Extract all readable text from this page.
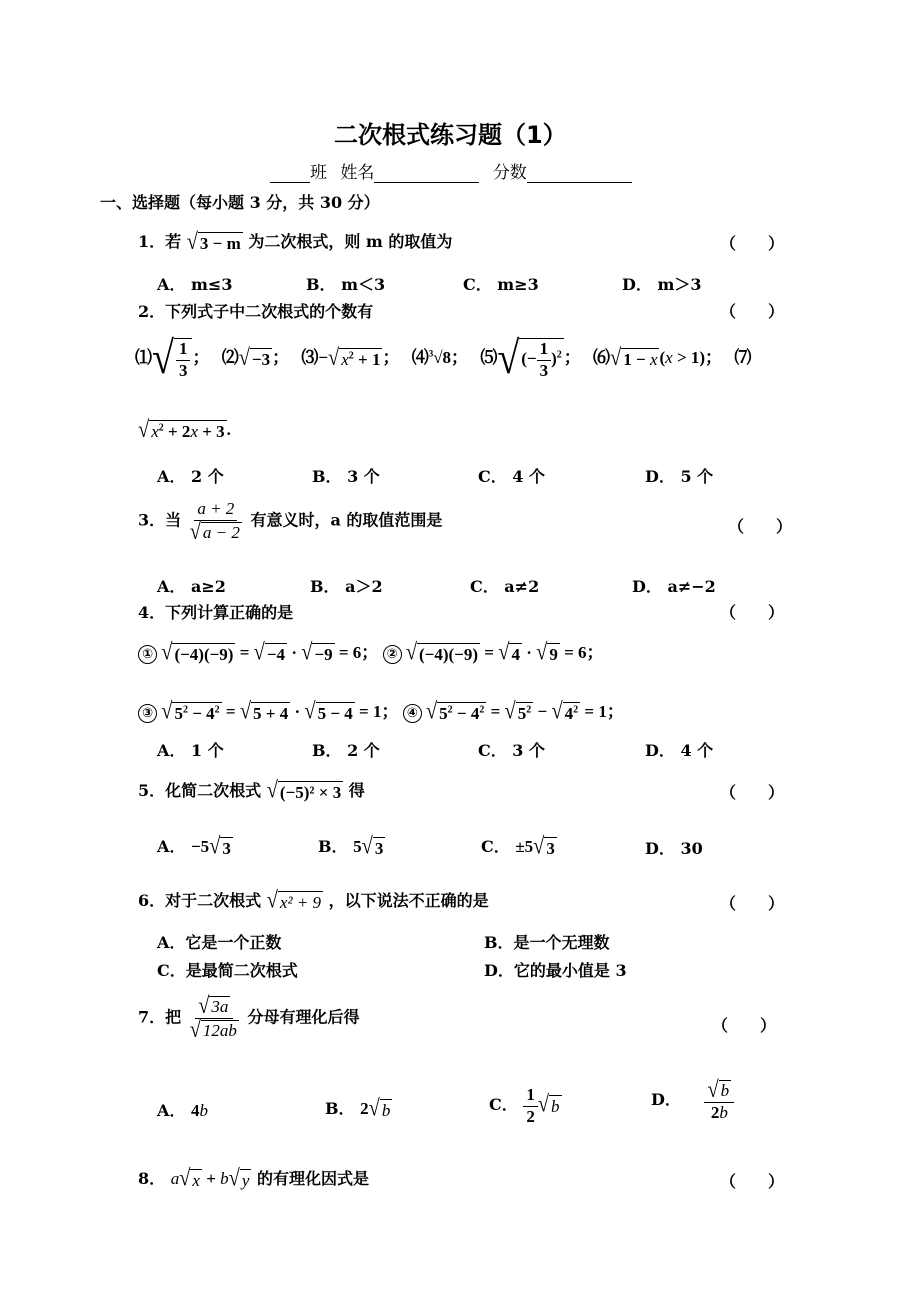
二次根式练习题（1）
班 姓名	分数
一、选择题（每小题 3 分，共 30 分）
1．若 √ 3 − m 为二次根式，则 m 的取值为	（　　）
A． m≤3	B． m＜3	C． m≥3	D． m＞3
2．下列式子中二次根式的个数有	（　　）
⑴ √ $\frac{1}{3}$ ； ⑵ √ −3 ； ⑶− √ $x^2 + 1$ ； ⑷$^3$√8； ⑸ √ (− $\frac{1}{3} )^2$ ； ⑹ √ 1 − x (x > 1)； ⑺
√ $x^2 + 2x + 3$ .
A． 2 个	B． 3 个	C． 4 个	D． 5 个
3．当 $\frac{a + 2}{√ a - 2}$ 有意义时，a 的取值范围是	（　　）
A． a≥2	B． a＞2	C． a≠2	D． a≠−2
4．下列计算正确的是	（　　）
① √ (−4)(−9) = √ −4 · √ −9 = 6； ② √ (−4)(−9) = √ 4 · √ 9 = 6；
③ √ $5^2 - 4^2$ = √ 5 + 4 · √ 5 − 4 = 1； ④ √ $5^2 - 4^2$ = √ $5^2$ − √ $4^2 = 1$；
A． 1 个	B． 2 个	C． 3 个	D． 4 个
5．化简二次根式 √ (−5)² × 3 得	（　　）
A． −5 √ 3	B． 5 √ 3	C． ±5 √ 3	D． 30
6．对于二次根式 √ x² + 9 ，以下说法不正确的是	（　　）
A．它是一个正数	B．是一个无理数
C．是最简二次根式	D．它的最小值是 3
7．把 $\frac{√ 3a}{√ 12ab}$ 分母有理化后得	（　　）
A． 4b	B． 2 √ b	C． $\frac{1}{2}$ √ b	D． $\frac{√ b}{2b}$
8． a √ x + b √ y 的有理化因式是	（　　）
